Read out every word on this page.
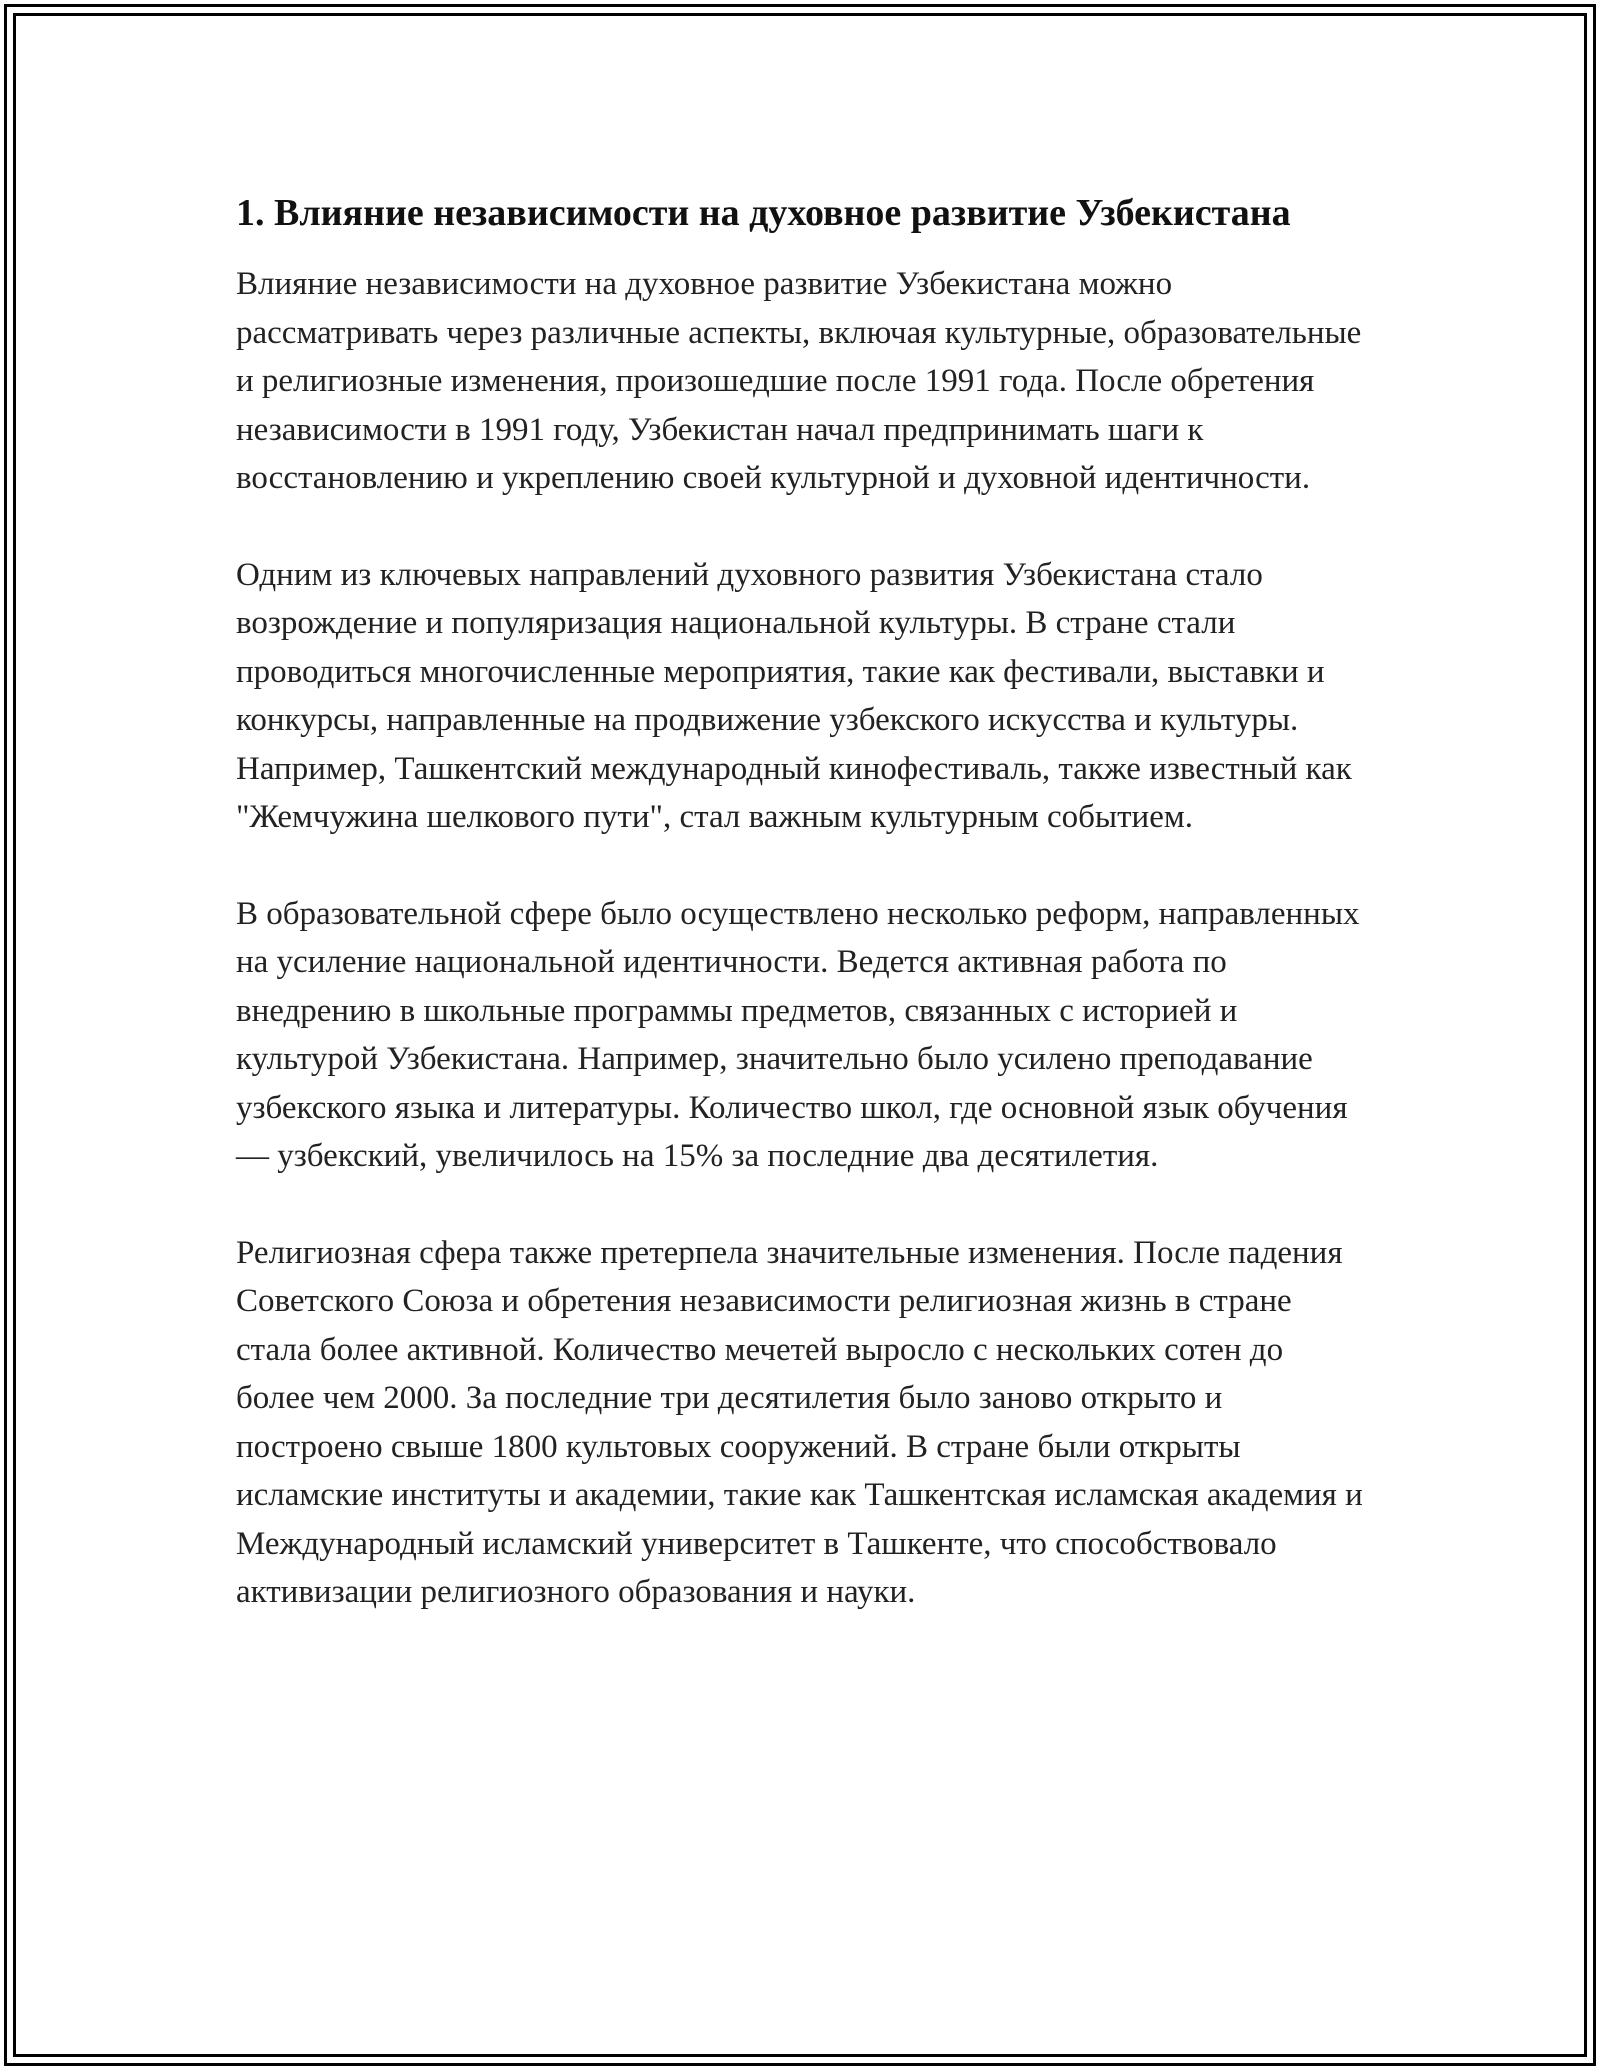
1. Влияние независимости на духовное развитие Узбекистана

Влияние независимости на духовное развитие Узбекистана можно рассматривать через различные аспекты, включая культурные, образовательные и религиозные изменения, произошедшие после 1991 года. После обретения независимости в 1991 году, Узбекистан начал предпринимать шаги к восстановлению и укреплению своей культурной и духовной идентичности.

Одним из ключевых направлений духовного развития Узбекистана стало возрождение и популяризация национальной культуры. В стране стали проводиться многочисленные мероприятия, такие как фестивали, выставки и конкурсы, направленные на продвижение узбекского искусства и культуры. Например, Ташкентский международный кинофестиваль, также известный как "Жемчужина шелкового пути", стал важным культурным событием.

В образовательной сфере было осуществлено несколько реформ, направленных на усиление национальной идентичности. Ведется активная работа по внедрению в школьные программы предметов, связанных с историей и культурой Узбекистана. Например, значительно было усилено преподавание узбекского языка и литературы. Количество школ, где основной язык обучения — узбекский, увеличилось на 15% за последние два десятилетия.

Религиозная сфера также претерпела значительные изменения. После падения Советского Союза и обретения независимости религиозная жизнь в стране стала более активной. Количество мечетей выросло с нескольких сотен до более чем 2000. За последние три десятилетия было заново открыто и построено свыше 1800 культовых сооружений. В стране были открыты исламские институты и академии, такие как Ташкентская исламская академия и Международный исламский университет в Ташкенте, что способствовало активизации религиозного образования и науки.
